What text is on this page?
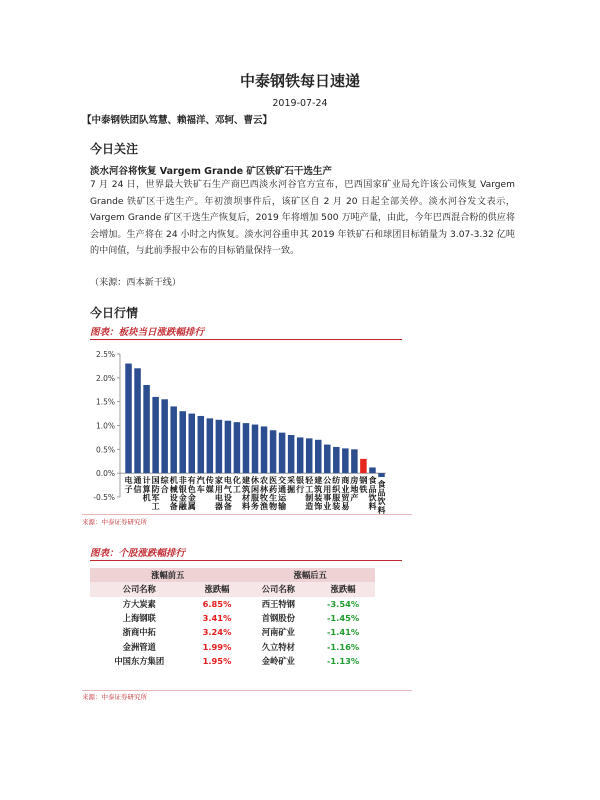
中泰钢铁每日速递
2019-07-24
【中泰钢铁团队笃慧、赖福洋、邓轲、曹云】
今日关注
淡水河谷将恢复 Vargem Grande 矿区铁矿石干选生产
7 月 24 日，世界最大铁矿石生产商巴西淡水河谷官方宣布，巴西国家矿业局允许该公司恢复 Vargem Grande 铁矿区干选生产。年初溃坝事件后，该矿区自 2 月 20 日起全部关停。淡水河谷发文表示，Vargem Grande 矿区干选生产恢复后，2019 年将增加 500 万吨产量，由此，今年巴西混合粉的供应将会增加。生产将在 24 小时之内恢复。淡水河谷重申其 2019 年铁矿石和球团目标销量为 3.07-3.32 亿吨的中间值，与此前季报中公布的目标销量保持一致。
（来源：西本新干线）
今日行情
图表：板块当日涨跌幅排行
-0.5%
0.0%
0.5%
1.0%
1.5%
2.0%
2.5%
电子
通信
计算机
国防军工
综合
机械设备
非银金融
有色金属
汽车
传媒
家用电器
电气设备
化工
建筑材料
休闲服务
农林牧渔
医药生物
交通运输
采掘
银行
轻工制造
建筑装饰
公用事业
纺织服装
商业贸易
房地产
钢铁
食品饮料
食品饮料
来源：中泰证券研究所
图表：个股涨跌幅排行
涨幅前五		涨幅后五	
公司名称	涨跌幅	公司名称	涨跌幅
方大炭素	6.85%	西王特钢	-3.54%
上海钢联	3.41%	首钢股份	-1.45%
浙商中拓	3.24%	河南矿业	-1.41%
金洲管道	1.99%	久立特材	-1.16%
中国东方集团	1.95%	金岭矿业	-1.13%
来源：中泰证券研究所
